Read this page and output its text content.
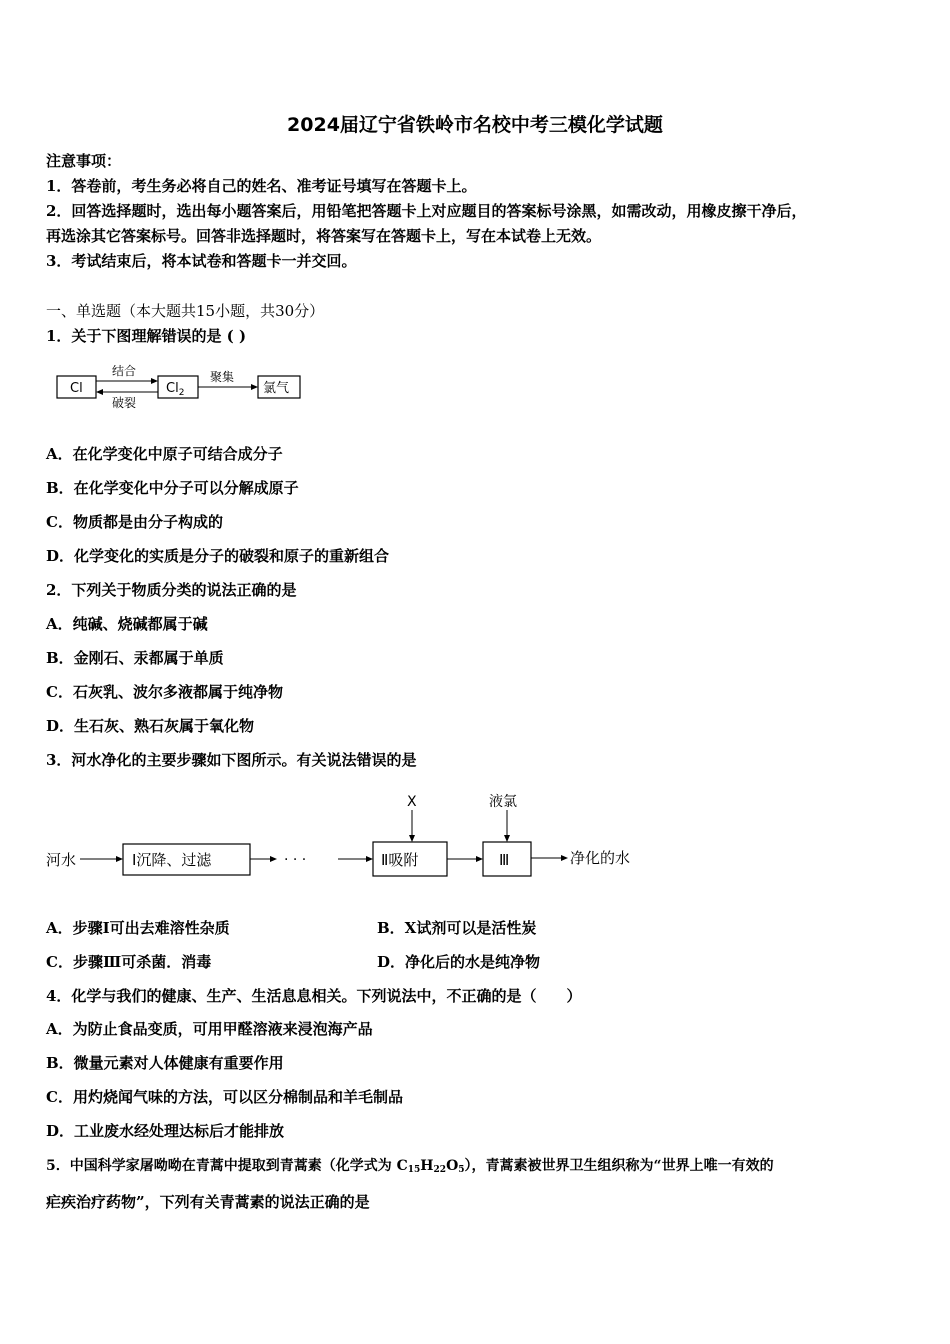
2024届辽宁省铁岭市名校中考三模化学试题
注意事项：
1．答卷前，考生务必将自己的姓名、准考证号填写在答题卡上。
2．回答选择题时，选出每小题答案后，用铅笔把答题卡上对应题目的答案标号涂黑，如需改动，用橡皮擦干净后，
再选涂其它答案标号。回答非选择题时，将答案写在答题卡上，写在本试卷上无效。
3．考试结束后，将本试卷和答题卡一并交回。
一、单选题（本大题共15小题，共30分）
1．关于下图理解错误的是 ( )
Cl
结合
破裂
$Cl_2$
聚集
氯气
A．在化学变化中原子可结合成分子
B．在化学变化中分子可以分解成原子
C．物质都是由分子构成的
D．化学变化的实质是分子的破裂和原子的重新组合
2．下列关于物质分类的说法正确的是
A．纯碱、烧碱都属于碱
B．金刚石、汞都属于单质
C．石灰乳、波尔多液都属于纯净物
D．生石灰、熟石灰属于氧化物
3．河水净化的主要步骤如下图所示。有关说法错误的是
河水	Ⅰ沉降、过滤	· · ·	Ⅱ吸附
X
Ⅲ
液氯
净化的水
A．步骤Ⅰ可出去难溶性杂质	B．X试剂可以是活性炭
C．步骤Ⅲ可杀菌．消毒	D．净化后的水是纯净物
4．化学与我们的健康、生产、生活息息相关。下列说法中，不正确的是（　　）
A．为防止食品变质，可用甲醛溶液来浸泡海产品
B．微量元素对人体健康有重要作用
C．用灼烧闻气味的方法，可以区分棉制品和羊毛制品
D．工业废水经处理达标后才能排放
5．中国科学家屠呦呦在青蒿中提取到青蒿素（化学式为 $C_{15}H_{22}O_5$），青蒿素被世界卫生组织称为“世界上唯一有效的
疟疾治疗药物”，下列有关青蒿素的说法正确的是
